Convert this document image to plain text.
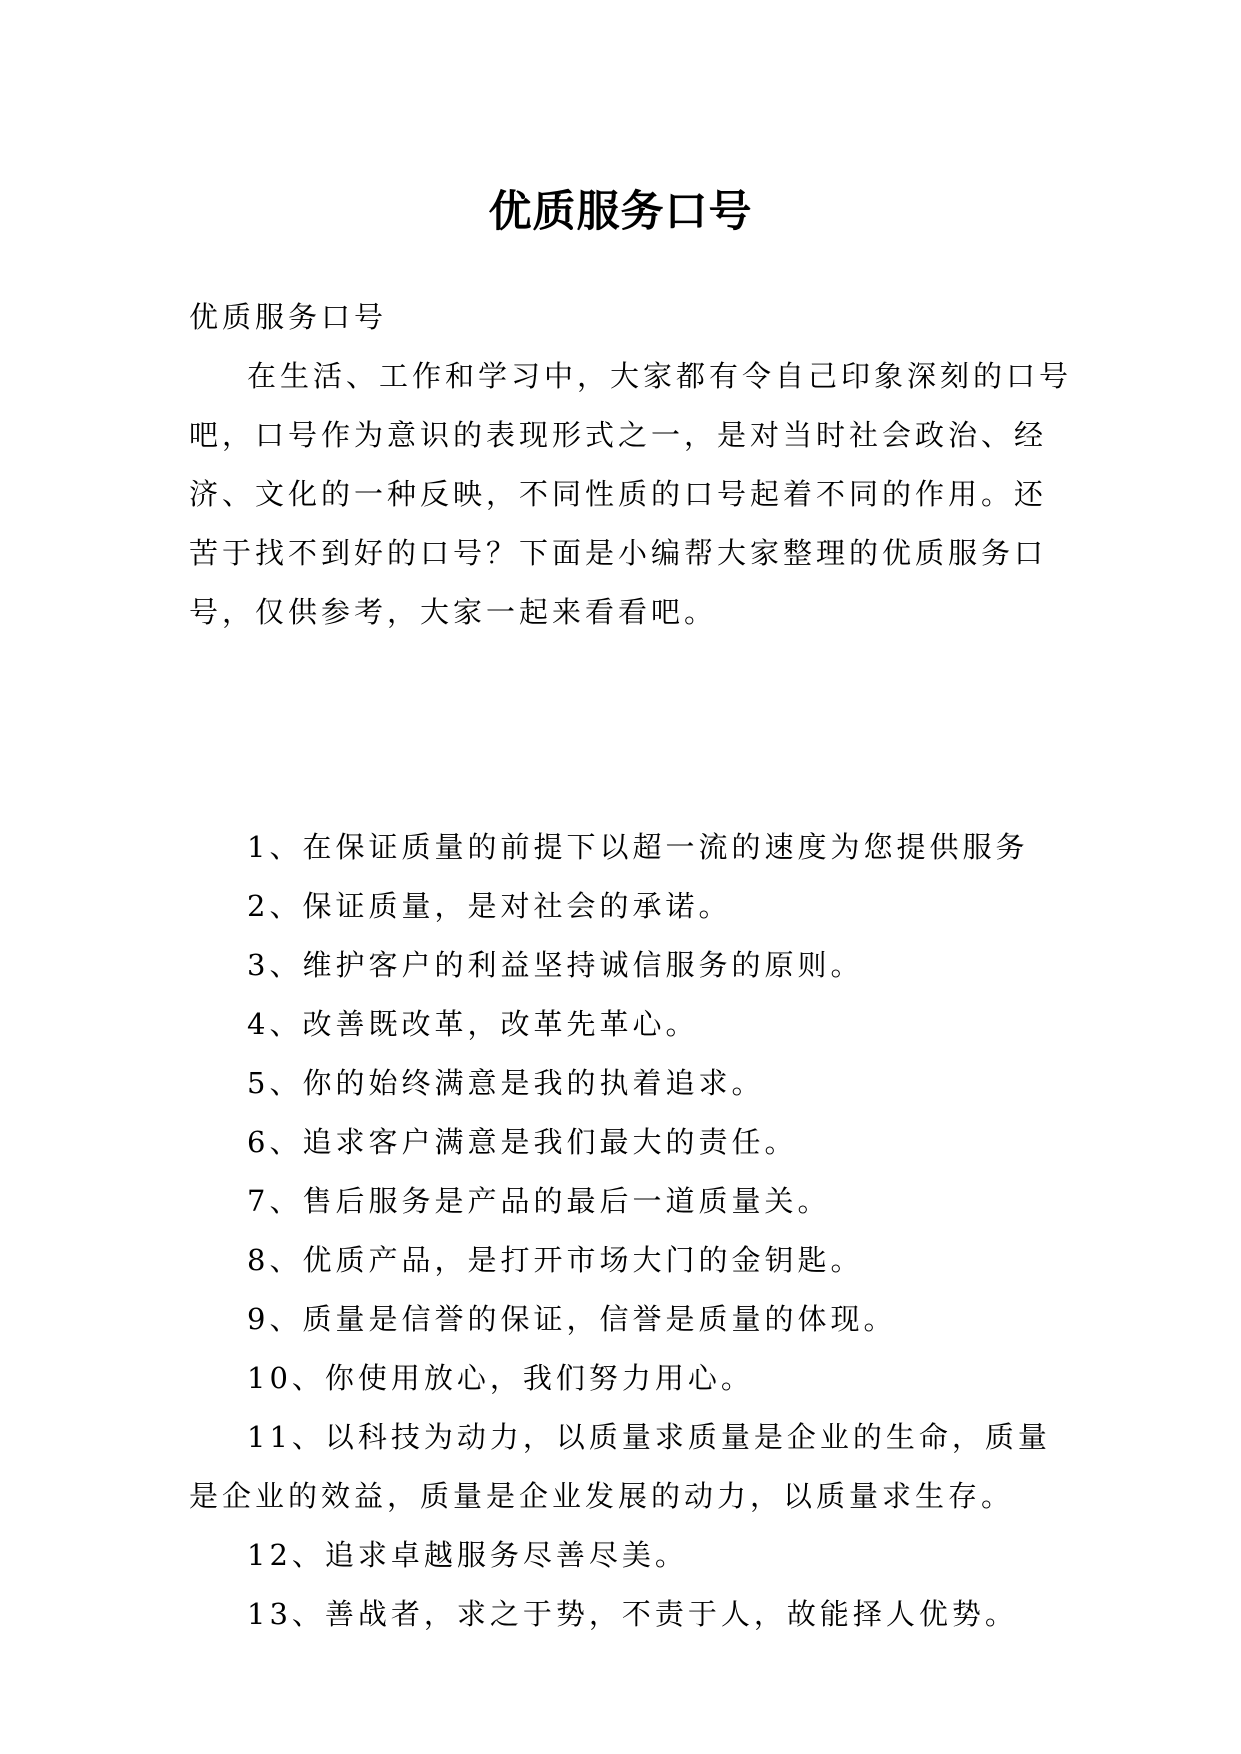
优质服务口号

优质服务口号

在生活、工作和学习中，大家都有令自己印象深刻的口号吧，口号作为意识的表现形式之一，是对当时社会政治、经济、文化的一种反映，不同性质的口号起着不同的作用。还苦于找不到好的口号？下面是小编帮大家整理的优质服务口号，仅供参考，大家一起来看看吧。

1、在保证质量的前提下以超一流的速度为您提供服务

2、保证质量，是对社会的承诺。

3、维护客户的利益坚持诚信服务的原则。

4、改善既改革，改革先革心。

5、你的始终满意是我的执着追求。

6、追求客户满意是我们最大的责任。

7、售后服务是产品的最后一道质量关。

8、优质产品，是打开市场大门的金钥匙。

9、质量是信誉的保证，信誉是质量的体现。

10、你使用放心，我们努力用心。

11、以科技为动力，以质量求质量是企业的生命，质量是企业的效益，质量是企业发展的动力，以质量求生存。

12、追求卓越服务尽善尽美。

13、善战者，求之于势，不责于人，故能择人优势。
